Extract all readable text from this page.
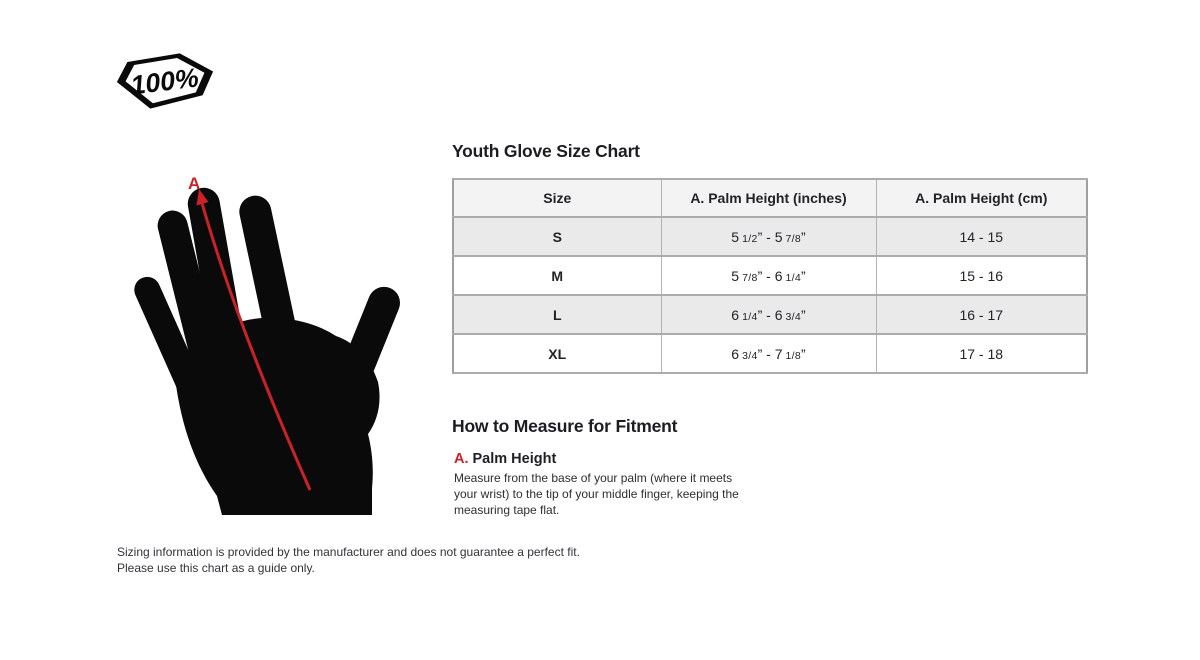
100%
A
Youth Glove Size Chart
Size	A. Palm Height (inches)	A. Palm Height (cm)
S	5 1/2” - 5 7/8”	14 - 15
M	5 7/8” - 6 1/4”	15 - 16
L	6 1/4” - 6 3/4”	16 - 17
XL	6 3/4” - 7 1/8”	17 - 18
How to Measure for Fitment
A. Palm Height
Measure from the base of your palm (where it meets your wrist) to the tip of your middle finger, keeping the measuring tape flat.
Sizing information is provided by the manufacturer and does not guarantee a perfect fit.
Please use this chart as a guide only.
